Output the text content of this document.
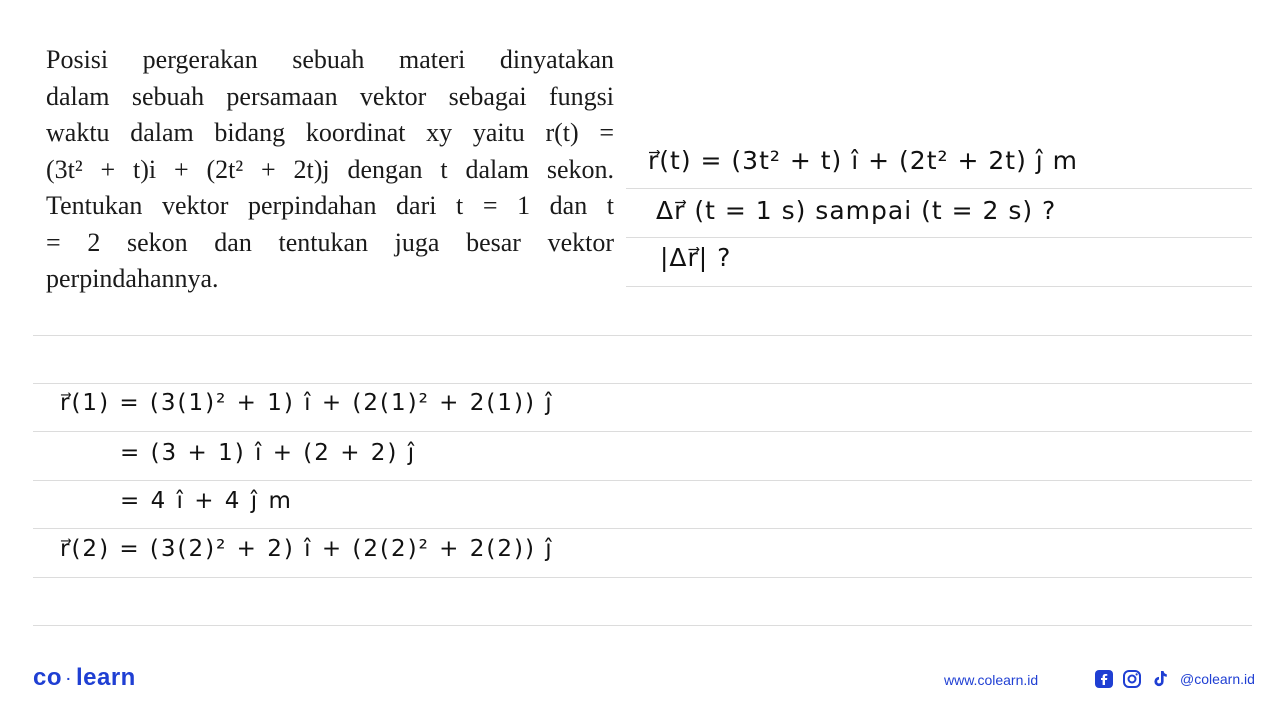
Posisi pergerakan sebuah materi dinyatakan
dalam sebuah persamaan vektor sebagai fungsi
waktu dalam bidang koordinat xy yaitu r(t) =
(3t² + t)i + (2t² + 2t)j dengan t dalam sekon.
Tentukan vektor perpindahan dari t = 1 dan t
= 2 sekon dan tentukan juga besar vektor
perpindahannya.
r⃗(t) = (3t² + t) î + (2t² + 2t) ĵ m
Δr⃗ (t = 1 s) sampai (t = 2 s) ?
|Δr⃗| ?
r⃗(1) = (3(1)² + 1) î + (2(1)² + 2(1)) ĵ
= (3 + 1) î + (2 + 2) ĵ
= 4 î + 4 ĵ m
r⃗(2) = (3(2)² + 2) î + (2(2)² + 2(2)) ĵ
co · learn	www.colearn.id	@colearn.id
